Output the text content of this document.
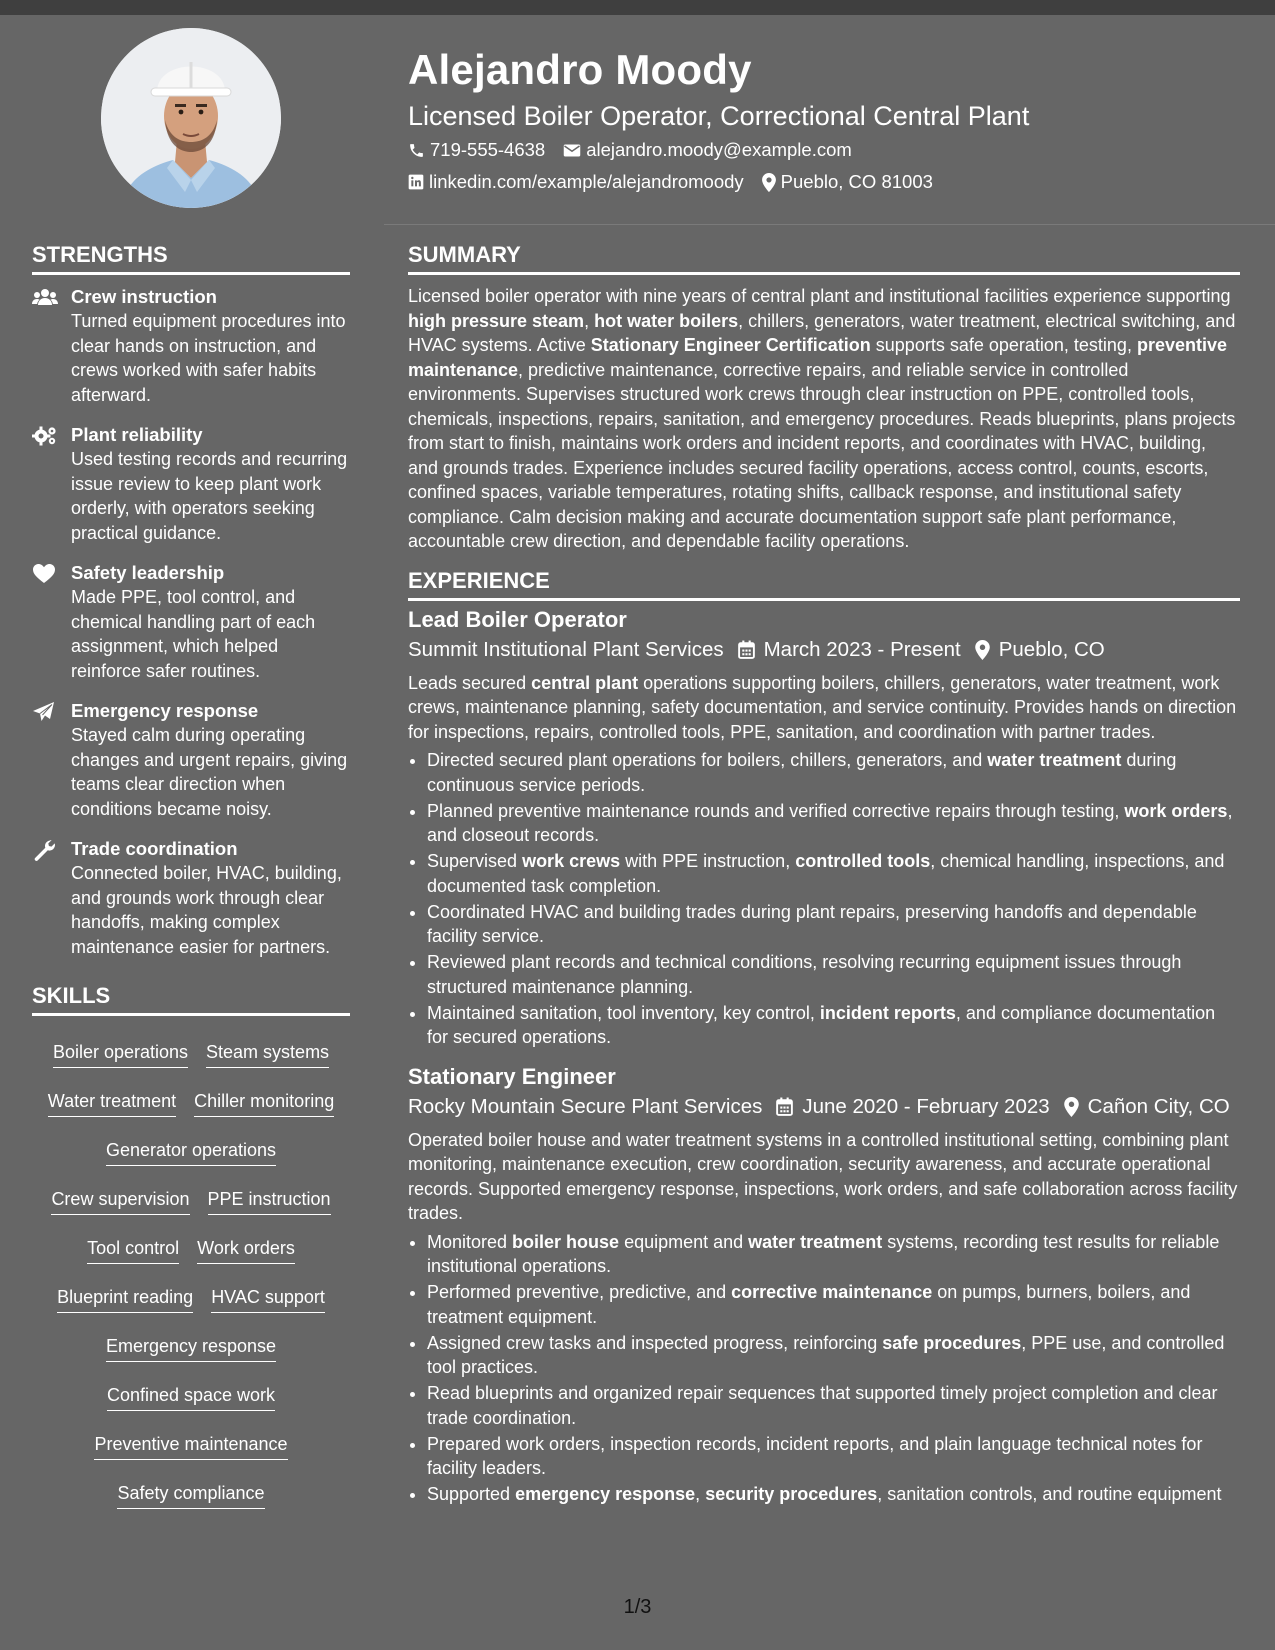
Alejandro Moody
Licensed Boiler Operator, Correctional Central Plant
719-555-4638 alejandro.moody@example.com
linkedin.com/example/alejandromoody Pueblo, CO 81003
STRENGTHS
Crew instruction
Turned equipment procedures into clear hands on instruction, and crews worked with safer habits afterward.
Plant reliability
Used testing records and recurring issue review to keep plant work orderly, with operators seeking practical guidance.
Safety leadership
Made PPE, tool control, and chemical handling part of each assignment, which helped reinforce safer routines.
Emergency response
Stayed calm during operating changes and urgent repairs, giving teams clear direction when conditions became noisy.
Trade coordination
Connected boiler, HVAC, building, and grounds work through clear handoffs, making complex maintenance easier for partners.
SKILLS
Boiler operations Steam systems
Water treatment Chiller monitoring
Generator operations
Crew supervision PPE instruction
Tool control Work orders
Blueprint reading HVAC support
Emergency response
Confined space work
Preventive maintenance
Safety compliance
SUMMARY

Licensed boiler operator with nine years of central plant and institutional facilities experience supporting high pressure steam, hot water boilers, chillers, generators, water treatment, electrical switching, and HVAC systems. Active Stationary Engineer Certification supports safe operation, testing, preventive maintenance, predictive maintenance, corrective repairs, and reliable service in controlled environments. Supervises structured work crews through clear instruction on PPE, controlled tools, chemicals, inspections, repairs, sanitation, and emergency procedures. Reads blueprints, plans projects from start to finish, maintains work orders and incident reports, and coordinates with HVAC, building, and grounds trades. Experience includes secured facility operations, access control, counts, escorts, confined spaces, variable temperatures, rotating shifts, callback response, and institutional safety compliance. Calm decision making and accurate documentation support safe plant performance, accountable crew direction, and dependable facility operations.

EXPERIENCE
Lead Boiler Operator
Summit Institutional Plant Services March 2023 - Present Pueblo, CO

Leads secured central plant operations supporting boilers, chillers, generators, water treatment, work crews, maintenance planning, safety documentation, and service continuity. Provides hands on direction for inspections, repairs, controlled tools, PPE, sanitation, and coordination with partner trades.

• Directed secured plant operations for boilers, chillers, generators, and water treatment during continuous service periods.
• Planned preventive maintenance rounds and verified corrective repairs through testing, work orders, and closeout records.
• Supervised work crews with PPE instruction, controlled tools, chemical handling, inspections, and documented task completion.
• Coordinated HVAC and building trades during plant repairs, preserving handoffs and dependable facility service.
• Reviewed plant records and technical conditions, resolving recurring equipment issues through structured maintenance planning.
• Maintained sanitation, tool inventory, key control, incident reports, and compliance documentation for secured operations.
Stationary Engineer
Rocky Mountain Secure Plant Services June 2020 - February 2023 Cañon City, CO

Operated boiler house and water treatment systems in a controlled institutional setting, combining plant monitoring, maintenance execution, crew coordination, security awareness, and accurate operational records. Supported emergency response, inspections, work orders, and safe collaboration across facility trades.

• Monitored boiler house equipment and water treatment systems, recording test results for reliable institutional operations.
• Performed preventive, predictive, and corrective maintenance on pumps, burners, boilers, and treatment equipment.
• Assigned crew tasks and inspected progress, reinforcing safe procedures, PPE use, and controlled tool practices.
• Read blueprints and organized repair sequences that supported timely project completion and clear trade coordination.
• Prepared work orders, inspection records, incident reports, and plain language technical notes for facility leaders.
• Supported emergency response, security procedures, sanitation controls, and routine equipment
1/3
